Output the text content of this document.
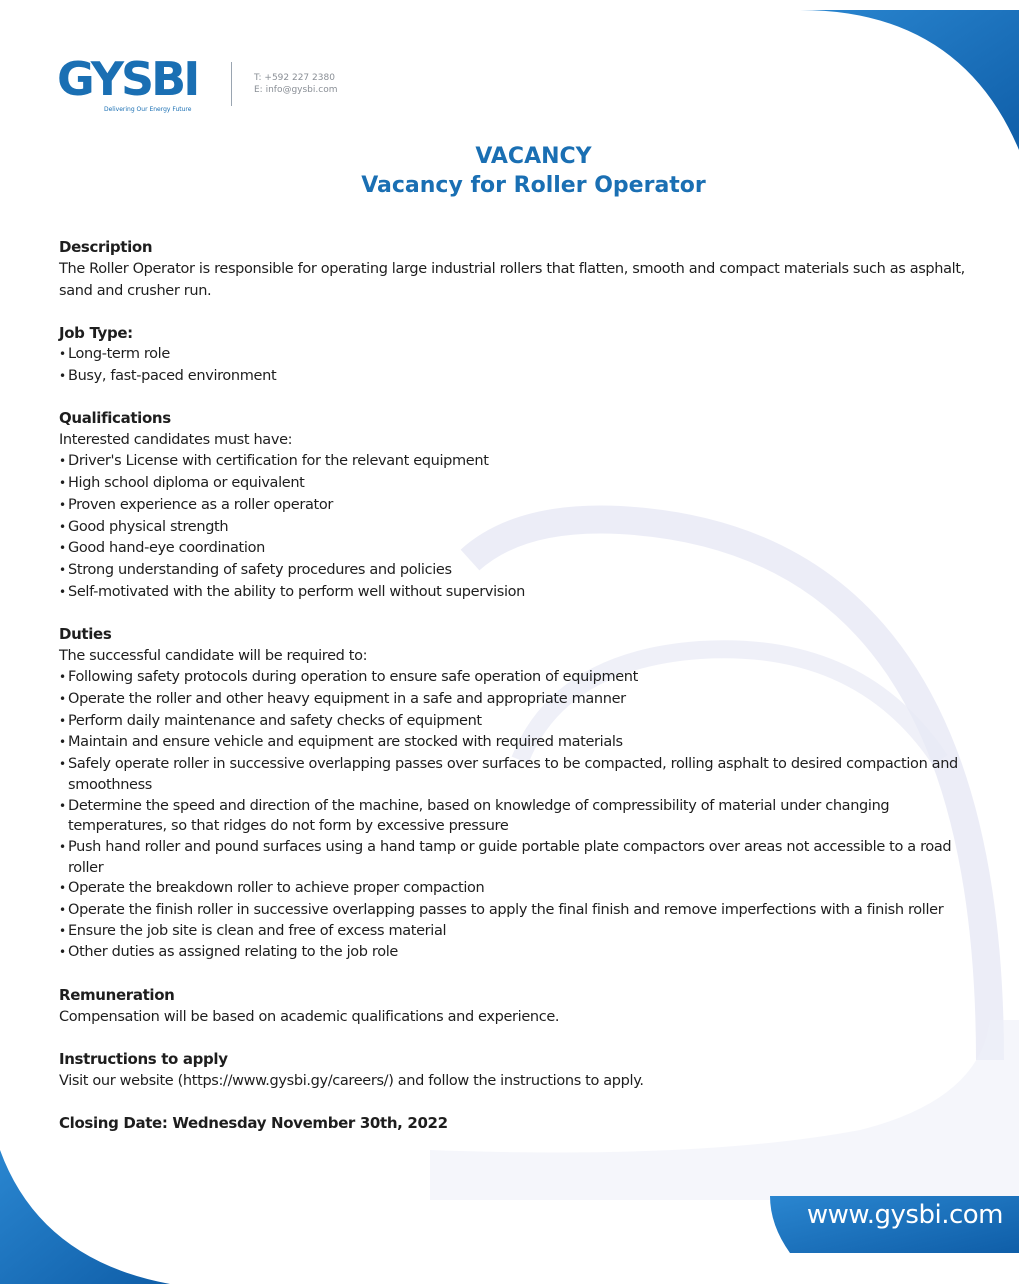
GYSBI
Delivering Our Energy Future
T: +592 227 2380
E: info@gysbi.com
VACANCY
Vacancy for Roller Operator
Description

The Roller Operator is responsible for operating large industrial rollers that flatten, smooth and compact materials such as asphalt, sand and crusher run.

Job Type:
• Long-term role
• Busy, fast-paced environment
Qualifications

Interested candidates must have:

• Driver's License with certification for the relevant equipment
• High school diploma or equivalent
• Proven experience as a roller operator
• Good physical strength
• Good hand-eye coordination
• Strong understanding of safety procedures and policies
• Self-motivated with the ability to perform well without supervision
Duties

The successful candidate will be required to:

• Following safety protocols during operation to ensure safe operation of equipment
• Operate the roller and other heavy equipment in a safe and appropriate manner
• Perform daily maintenance and safety checks of equipment
• Maintain and ensure vehicle and equipment are stocked with required materials
• Safely operate roller in successive overlapping passes over surfaces to be compacted, rolling asphalt to desired compaction and smoothness
• Determine the speed and direction of the machine, based on knowledge of compressibility of material under changing temperatures, so that ridges do not form by excessive pressure
• Push hand roller and pound surfaces using a hand tamp or guide portable plate compactors over areas not accessible to a road roller
• Operate the breakdown roller to achieve proper compaction
• Operate the finish roller in successive overlapping passes to apply the final finish and remove imperfections with a finish roller
• Ensure the job site is clean and free of excess material
• Other duties as assigned relating to the job role
Remuneration

Compensation will be based on academic qualifications and experience.

Instructions to apply

Visit our website (https://www.gysbi.gy/careers/) and follow the instructions to apply.

Closing Date: Wednesday November 30th, 2022
www.gysbi.com
